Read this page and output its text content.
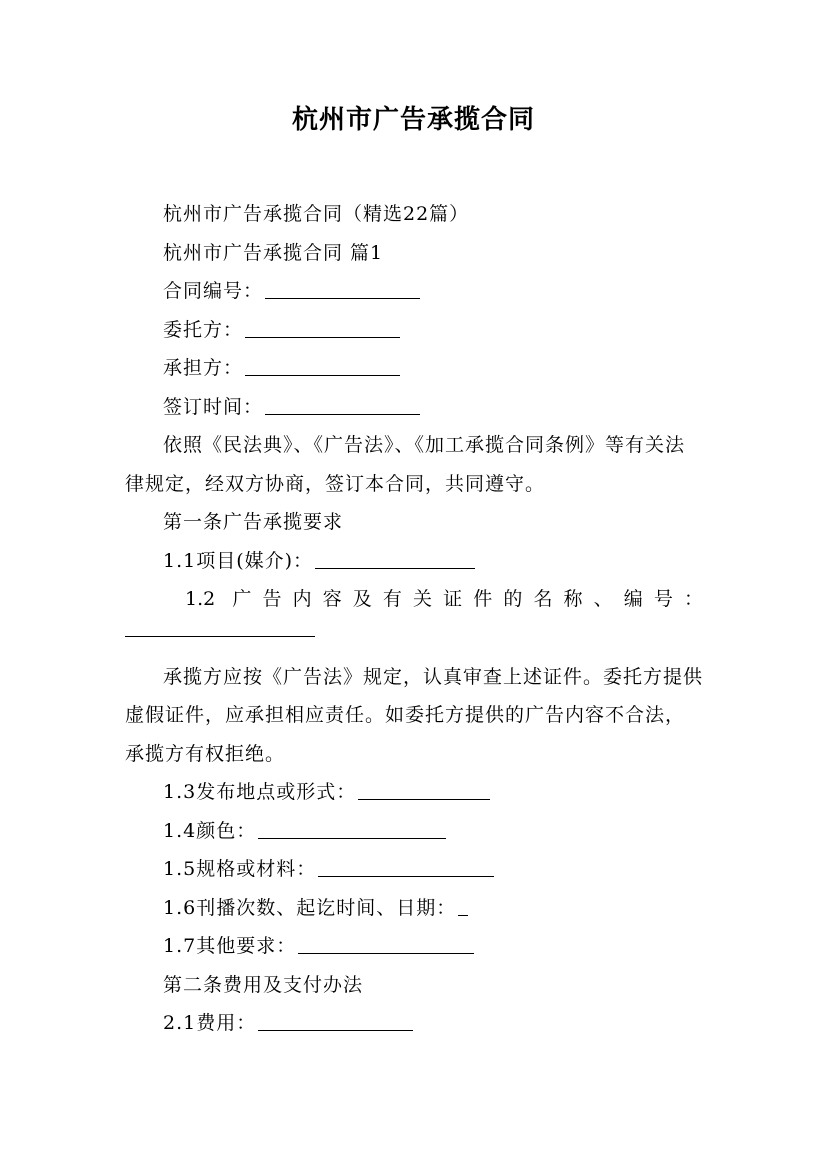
杭州市广告承揽合同

杭州市广告承揽合同（精选22篇）

杭州市广告承揽合同 篇1

合同编号：

委托方：

承担方：

签订时间：

依照《民法典》、《广告法》、《加工承揽合同条例》等有关法律规定，经双方协商，签订本合同，共同遵守。

第一条广告承揽要求

1.1项目(媒介)：

1.2 广告内容及有关证件的名称、编号：

承揽方应按《广告法》规定，认真审查上述证件。委托方提供虚假证件，应承担相应责任。如委托方提供的广告内容不合法，承揽方有权拒绝。

1.3发布地点或形式：

1.4颜色：

1.5规格或材料：

1.6刊播次数、起讫时间、日期：

1.7其他要求：

第二条费用及支付办法

2.1费用：
